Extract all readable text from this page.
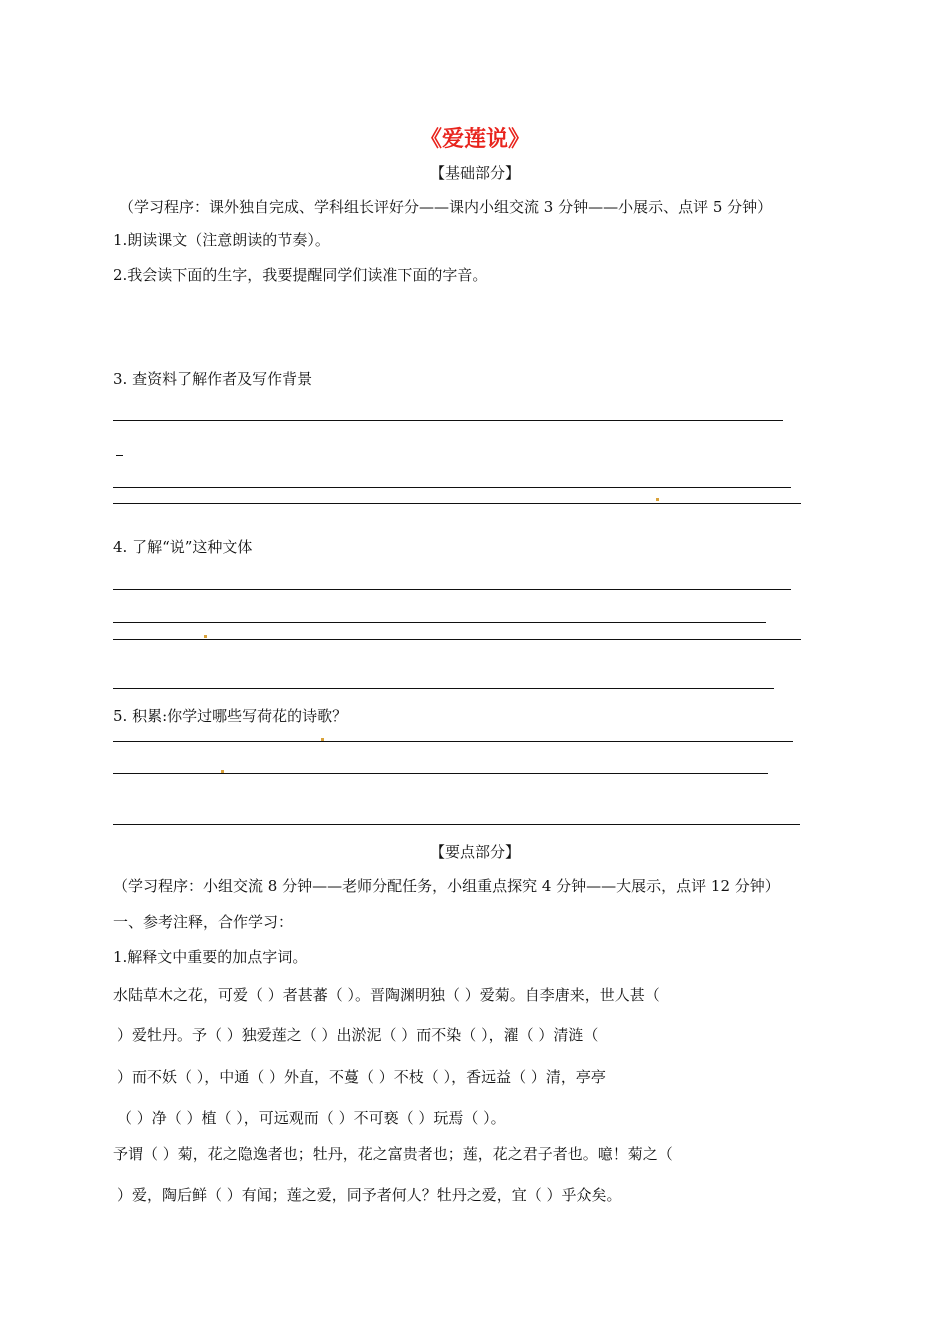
《爱莲说》
【基础部分】
（学习程序：课外独自完成、学科组长评好分——课内小组交流 3 分钟——小展示、点评 5 分钟）
1.朗读课文（注意朗读的节奏）。
2.我会读下面的生字，我要提醒同学们读准下面的字音。
3. 查资料了解作者及写作背景
4. 了解“说”这种文体
5. 积累:你学过哪些写荷花的诗歌？
【要点部分】
（学习程序：小组交流 8 分钟——老师分配任务，小组重点探究 4 分钟——大展示，点评 12 分钟）
一、参考注释，合作学习：
1.解释文中重要的加点字词。
水陆草木之花，可爱（ ）者甚蕃（ ）。晋陶渊明独（ ）爱菊。自李唐来，世人甚（
）爱牡丹。予（ ）独爱莲之（ ）出淤泥（ ）而不染（ ），濯（ ）清涟（
）而不妖（ ），中通（ ）外直，不蔓（ ）不枝（ ），香远益（ ）清，亭亭
（ ）净（ ）植（ ），可远观而（ ）不可亵（ ）玩焉（ ）。
予谓（ ）菊，花之隐逸者也；牡丹，花之富贵者也；莲，花之君子者也。噫！菊之（
）爱，陶后鲜（ ）有闻；莲之爱，同予者何人？牡丹之爱，宜（ ）乎众矣。
